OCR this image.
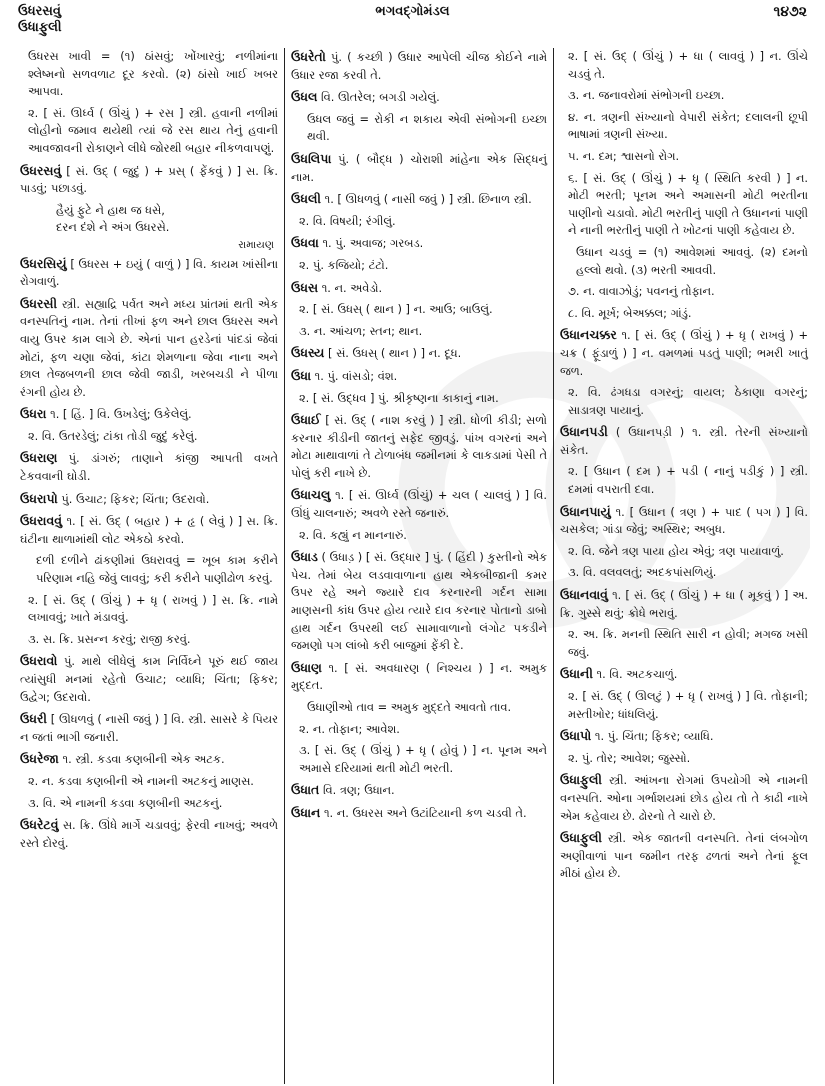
ઉધરસવું
ઉધાફુલી
ભગવદ્ગોમંડલ	૧૪૭૨
ઉધરસ ખાવી = (૧) ઠાંસવું; ખોંખારવું; નળીમાંના શ્લેષ્મનો સળવળાટ દૂર કરવો. (૨) ઠાંસો ખાઈ ખબર આપવા.
૨. [ સં. ઊર્ધ્વ ( ઊંચું ) + રસ ] સ્ત્રી. હવાની નળીમાં લોહીનો જમાવ થયેથી ત્યાં જે રસ થાય તેનું હવાની આવજાવની રોકાણને લીધે જોરથી બહાર નીકળવાપણું.
ઉધરસવું [ સં. ઉદ્ ( જુદું ) + પ્રસ્ ( ફેંકવું ) ] સ. ક્રિ. પાડવું; પછાડવું.
હૈયું ફુટે ને હાથ જ ધસે,
દરન દંશે ને અંગ ઉધરસે.
રામાયણ
ઉધરસિયું [ ઉધરસ + ઇયું ( વાળું ) ] વિ. કાયમ ખાંસીના રોગવાળું.
ઉધરસી સ્ત્રી. સહ્યાદ્રિ પર્વત અને મધ્ય પ્રાંતમાં થતી એક વનસ્પતિનું નામ. તેનાં તીખાં ફળ અને છાલ ઉધરસ અને વાયુ ઉપર કામ લાગે છે. એનાં પાન હરડેનાં પાંદડાં જેવાં મોટાં, ફળ ચણા જેવાં, કાંટા શેમળાના જેવા નાના અને છાલ તેજબળની છાલ જેવી જાડી, ખરબચડી ને પીળા રંગની હોય છે.
ઉધરા ૧. [ હિં. ] વિ. ઉખડેલું; ઉકેલેલું.
૨. વિ. ઉતરડેલું; ટાંકા તોડી જુદું કરેલું.
ઉધરાણ પું. ડાંગરું; તાણાને કાંજી આપતી વખતે ટેકવવાની ઘોડી.
ઉધરાપો પું. ઉચાટ; ફિકર; ચિંતા; ઉદરાવો.
ઉધરાવવું ૧. [ સં. ઉદ્ ( બહાર ) + હૃ ( લેવું ) ] સ. ક્રિ. ઘંટીના થાળામાંથી લોટ એકઠો કરવો.
દળી દળીને ઢાંકણીમાં ઉધરાવવું = ખૂબ કામ કરીને પરિણામ નહિ જેવું લાવવું; કરી કરીને પાણીઢોળ કરવું.
૨. [ સં. ઉદ્ ( ઊંચું ) + ધૃ ( રાખવું ) ] સ. ક્રિ. નામે લખાવવું; ખાતે મંડાવવું.
૩. સ. ક્રિ. પ્રસન્ન કરવું; રાજી કરવું.
ઉધરાવો પું. માથે લીધેલું કામ નિર્વિઘ્ને પૂરું થઈ જાય ત્યાંસુધી મનમાં રહેતો ઉચાટ; વ્યાધિ; ચિંતા; ફિકર; ઉદ્વેગ; ઉદરાવો.
ઉધરી [ ઊધળવું ( નાસી જવું ) ] વિ. સ્ત્રી. સાસરે કે પિયર ન જતાં ભાગી જનારી.
ઉધરેજા ૧. સ્ત્રી. કડવા કણબીની એક અટક.
૨. ન. કડવા કણબીની એ નામની અટકનું માણસ.
૩. વિ. એ નામની કડવા કણબીની અટકનું.
ઉધરેટવું સ. ક્રિ. ઊંધે માર્ગે ચડાવવું; ફેરવી નાખવું; અવળે રસ્તે દોરવું.
ઉધરેતો પું. ( કચ્છી ) ઉધાર આપેલી ચીજ કોઈને નામે ઉધાર રજા કરવી તે.
ઉધલ વિ. ઊતરેલ; બગડી ગયેલું.
ઉધલ જવું = રોકી ન શકાય એવી સંભોગની ઇચ્છા થવી.
ઉધલિપા પું. ( બૌદ્ધ ) ચોરાશી માંહેના એક સિદ્ધનું નામ.
ઉધલી ૧. [ ઊધળવું ( નાસી જવું ) ] સ્ત્રી. છિનાળ સ્ત્રી.
૨. વિ. વિષયી; રંગીલું.
ઉધવા ૧. પું. અવાજ; ગરબડ.
૨. પું. કજિયો; ટંટો.
ઉધસ ૧. ન. અવેડો.
૨. [ સં. ઉધસ્ ( થાન ) ] ન. આઉ; બાઉલું.
૩. ન. આંચળ; સ્તન; થાન.
ઉધસ્ય [ સં. ઉધસ્ ( થાન ) ] ન. દૂધ.
ઉધા ૧. પું. વાંસડો; વંશ.
૨. [ સં. ઉદ્ધવ ] પું. શ્રીકૃષ્ણના કાકાનું નામ.
ઉધાઈ [ સં. ઉદ્ ( નાશ કરવું ) ] સ્ત્રી. ધોળી કીડી; સળો કરનાર કીડીની જાતનું સફેદ જીવડું. પાંખ વગરનાં અને મોટા માથાવાળાં તે ટોળાબંધ જમીનમાં કે લાકડામાં પેસી તે પોલું કરી નાખે છે.
ઉધાચલુ ૧. [ સં. ઊર્ધ્વ (ઊંચું) + ચલ ( ચાલવું ) ] વિ. ઊંધું ચાલનારું; અવળે રસ્તે જનારું.
૨. વિ. કહ્યું ન માનનારું.
ઉધાડ ( ઉધાડ઼ ) [ સં. ઉદ્ધાર ] પું. ( હિંદી ) કુસ્તીનો એક પેચ. તેમાં બેય લડવાવાળાના હાથ એકબીજાની કમર ઉપર રહે અને જ્યારે દાવ કરનારની ગર્દન સામા માણસની કાંધ ઉપર હોય ત્યારે દાવ કરનાર પોતાનો ડાબો હાથ ગર્દન ઉપરથી લઈ સામાવાળાનો લંગોટ પકડીને જમણો પગ લાંબો કરી બાજુમાં ફેંકી દે.
ઉધાણ ૧. [ સં. અવધારણ ( નિશ્ચય ) ] ન. અમુક મુદ્દત.
ઉધાણીઓ તાવ = અમુક મુદ્દતે આવતો તાવ.
૨. ન. તોફાન; આવેશ.
૩. [ સં. ઉદ્ ( ઊંચું ) + ધૃ ( હોવું ) ] ન. પૂનમ અને અમાસે દરિયામાં થતી મોટી ભરતી.
ઉધાત વિ. ત્રણ; ઉધાન.
ઉધાન ૧. ન. ઉધરસ અને ઉટાંટિયાની કળ ચડવી તે.
૨. [ સં. ઉદ્ ( ઊંચું ) + ધા ( લાવવું ) ] ન. ઊંચે ચડવું તે.
૩. ન. જનાવરોમાં સંભોગની ઇચ્છા.
૪. ન. ત્રણની સંખ્યાનો વેપારી સંકેત; દલાલની છૂપી ભાષામાં ત્રણની સંખ્યા.
૫. ન. દમ; શ્વાસનો રોગ.
૬. [ સં. ઉદ્ ( ઊંચું ) + ધૃ ( સ્થિતિ કરવી ) ] ન. મોટી ભરતી; પૂનમ અને અમાસની મોટી ભરતીના પાણીનો ચડાવો. મોટી ભરતીનું પાણી તે ઉધાનનાં પાણી ને નાની ભરતીનું પાણી તે ખોટનાં પાણી કહેવાય છે.
ઉધાન ચડવું = (૧) આવેશમાં આવવું. (૨) દમનો હલ્લો થવો. (૩) ભરતી આવવી.
૭. ન. વાવાઝોડું; પવનનું તોફાન.
૮. વિ. મૂર્ખ; બેઅક્કલ; ગાંડું.
ઉધાનચક્કર ૧. [ સં. ઉદ્ ( ઊંચું ) + ધૃ ( રાખવું ) + ચક્ર ( ફૂંડાળું ) ] ન. વમળમાં પડતું પાણી; ભમરી ખાતું જળ.
૨. વિ. ઢંગધડા વગરનું; વાયલ; ઠેકાણા વગરનું; સાડાત્રણ પાયાનું.
ઉધાનપડી ( ઉધાનપડ઼ી ) ૧. સ્ત્રી. તેરની સંખ્યાનો સંકેત.
૨. [ ઉધાન ( દમ ) + પડી ( નાનું પડીકું ) ] સ્ત્રી. દમમાં વપરાતી દવા.
ઉધાનપાયું ૧. [ ઉધાન ( ત્રણ ) + પાદ ( પગ ) ] વિ. ચસકેલ; ગાંડા જેવું; અસ્થિર; અબુધ.
૨. વિ. જેને ત્રણ પાયા હોય એવું; ત્રણ પાયાવાળું.
૩. વિ. વલવલતું; અદકપાંસળિયું.
ઉધાનવાવું ૧. [ સં. ઉદ્ ( ઊંચું ) + ધા ( મૂકવું ) ] અ. ક્રિ. ગુસ્સે થવું; ક્રોધે ભરાવું.
૨. અ. ક્રિ. મનની સ્થિતિ સારી ન હોવી; મગજ ખસી જવું.
ઉધાની ૧. વિ. અટકચાળું.
૨. [ સં. ઉદ્ ( ઊલટું ) + ધૃ ( રાખવું ) ] વિ. તોફાની; મસ્તીખોર; ધાંધલિયું.
ઉધાપો ૧. પું. ચિંતા; ફિકર; વ્યાધિ.
૨. પું. તોર; આવેશ; જુસ્સો.
ઉધાફુલી સ્ત્રી. આંખના રોગમાં ઉપયોગી એ નામની વનસ્પતિ. ઓના ગર્ભાશયમાં છોડ હોય તો તે કાઢી નાખે એમ કહેવાય છે. ઢોરનો તે ચારો છે.
ઉધાફુલી સ્ત્રી. એક જાતની વનસ્પતિ. તેનાં લંબગોળ અણીવાળાં પાન જમીન તરફ ઢળતાં અને તેનાં ફૂલ મીઠાં હોય છે.
